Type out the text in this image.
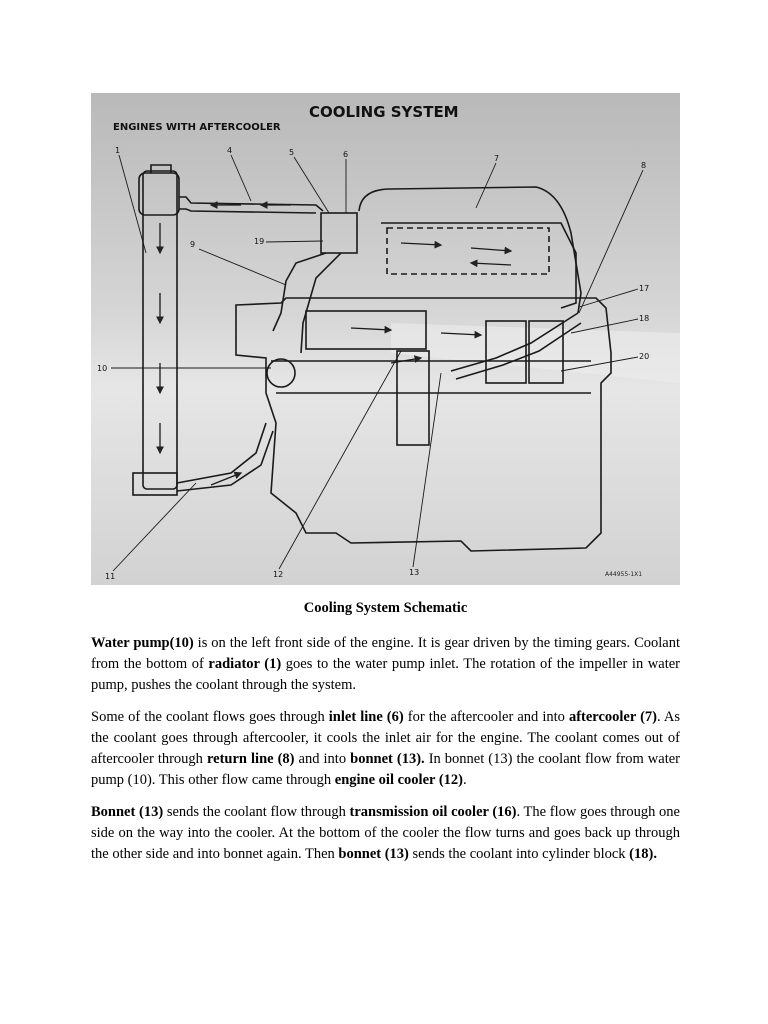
COOLING SYSTEM
ENGINES WITH AFTERCOOLER
A44955-1X1
1	4	5	6	7
8
9	19
10
17
18
20
11	12	13
Cooling System Schematic

Water pump(10) is on the left front side of the engine. It is gear driven by the timing gears. Coolant from the bottom of radiator (1) goes to the water pump inlet. The rotation of the impeller in water pump, pushes the coolant through the system.

Some of the coolant flows goes through inlet line (6) for the aftercooler and into aftercooler (7). As the coolant goes through aftercooler, it cools the inlet air for the engine. The coolant comes out of aftercooler through return line (8) and into bonnet (13). In bonnet (13) the coolant flow from water pump (10). This other flow came through engine oil cooler (12).

Bonnet (13) sends the coolant flow through transmission oil cooler (16). The flow goes through one side on the way into the cooler. At the bottom of the cooler the flow turns and goes back up through the other side and into bonnet again. Then bonnet (13) sends the coolant into cylinder block (18).
